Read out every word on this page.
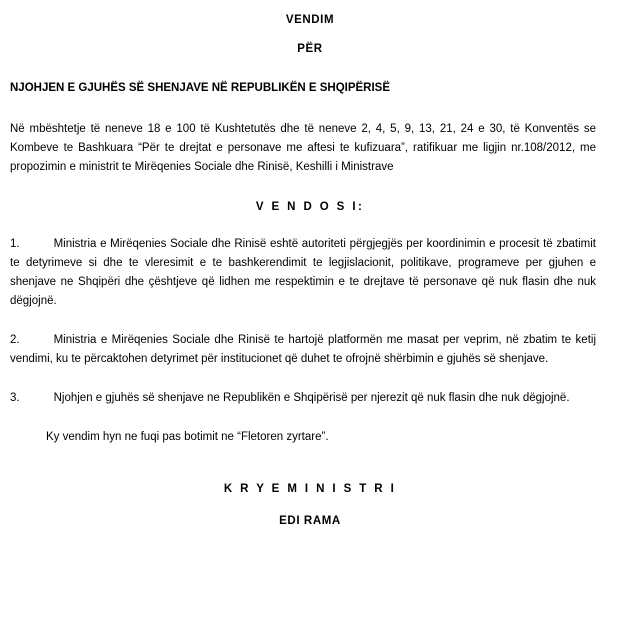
VENDIM
PËR
NJOHJEN E GJUHËS SË SHENJAVE NË REPUBLIKËN E SHQIPËRISË
Në mbështetje të neneve 18 e 100 të Kushtetutës dhe të neneve 2, 4, 5, 9, 13, 21, 24 e 30, të Konventës se Kombeve te Bashkuara “Për te drejtat e personave me aftesi te kufizuara”, ratifikuar me ligjin nr.108/2012, me propozimin e ministrit te Mirëqenies Sociale dhe Rinisë, Keshilli i Ministrave
V E N D O S I:
1.	Ministria e Mirëqenies Sociale dhe Rinisë eshtë autoriteti përgjegjës per koordinimin e procesit të zbatimit te detyrimeve si dhe te vleresimit e te bashkerendimit te legjislacionit, politikave, programeve per gjuhen e shenjave ne Shqipëri dhe çështjeve që lidhen me respektimin e te drejtave të personave që nuk flasin dhe nuk dëgjojnë.
2.	Ministria e Mirëqenies Sociale dhe Rinisë te hartojë platformën me masat per veprim, në zbatim te ketij vendimi, ku te përcaktohen detyrimet për institucionet që duhet te ofrojnë shërbimin e gjuhës së shenjave.
3.	Njohjen e gjuhës së shenjave ne Republikën e Shqipërisë per njerezit që nuk flasin dhe nuk dëgjojnë.
Ky vendim hyn ne fuqi pas botimit ne “Fletoren zyrtare”.
K R Y E M I N I S T R I
EDI RAMA
